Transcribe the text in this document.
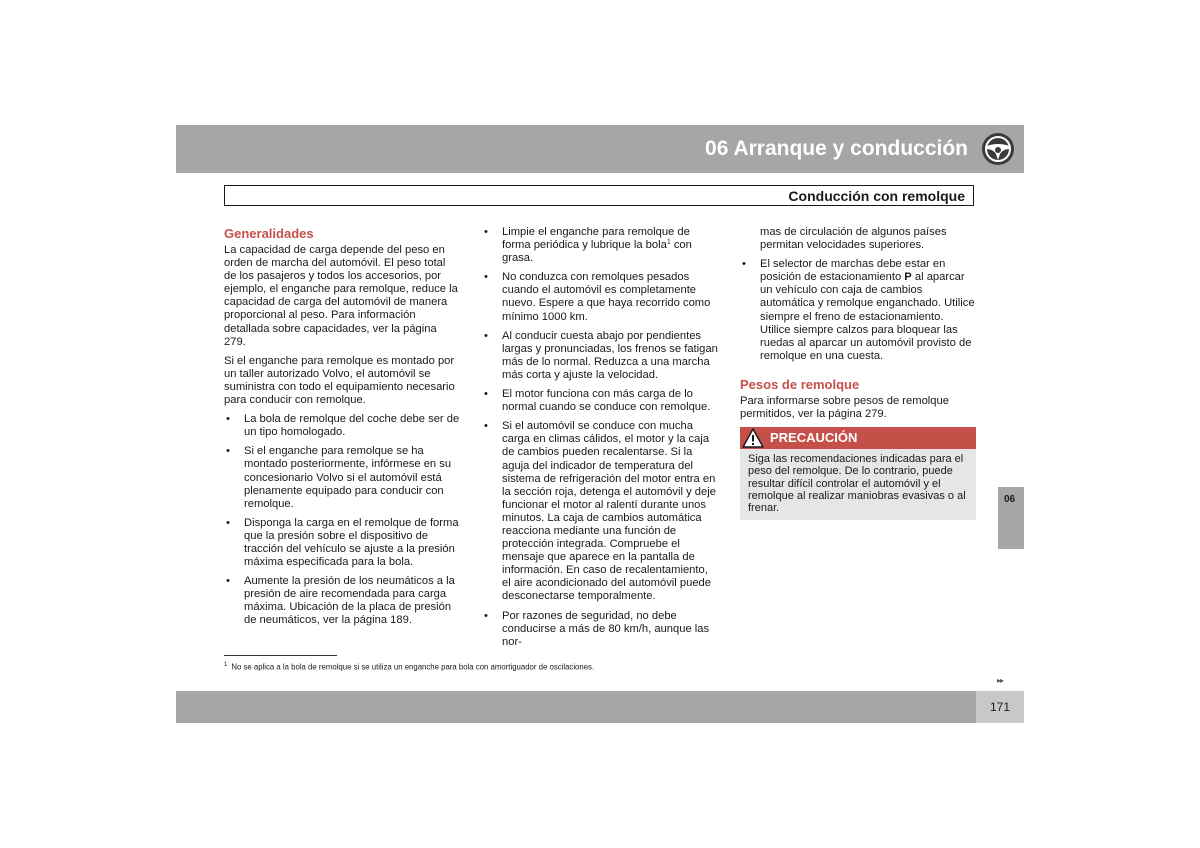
06 Arranque y conducción
Conducción con remolque
Generalidades
La capacidad de carga depende del peso en orden de marcha del automóvil. El peso total de los pasajeros y todos los accesorios, por ejemplo, el enganche para remolque, reduce la capacidad de carga del automóvil de manera proporcional al peso. Para información detallada sobre capacidades, ver la página 279.
Si el enganche para remolque es montado por un taller autorizado Volvo, el automóvil se suministra con todo el equipamiento necesario para conducir con remolque.
• La bola de remolque del coche debe ser de un tipo homologado.
• Si el enganche para remolque se ha montado posteriormente, infórmese en su concesionario Volvo si el automóvil está plenamente equipado para conducir con remolque.
• Disponga la carga en el remolque de forma que la presión sobre el dispositivo de tracción del vehículo se ajuste a la presión máxima especificada para la bola.
• Aumente la presión de los neumáticos a la presión de aire recomendada para carga máxima. Ubicación de la placa de presión de neumáticos, ver la página 189.
• Limpie el enganche para remolque de forma periódica y lubrique la bola$^1$ con grasa.
• No conduzca con remolques pesados cuando el automóvil es completamente nuevo. Espere a que haya recorrido como mínimo 1000 km.
• Al conducir cuesta abajo por pendientes largas y pronunciadas, los frenos se fatigan más de lo normal. Reduzca a una marcha más corta y ajuste la velocidad.
• El motor funciona con más carga de lo normal cuando se conduce con remolque.
• Si el automóvil se conduce con mucha carga en climas cálidos, el motor y la caja de cambios pueden recalentarse. Si la aguja del indicador de temperatura del sistema de refrigeración del motor entra en la sección roja, detenga el automóvil y deje funcionar el motor al ralentí durante unos minutos. La caja de cambios automática reacciona mediante una función de protección integrada. Compruebe el mensaje que aparece en la pantalla de información. En caso de recalentamiento, el aire acondicionado del automóvil puede desconectarse temporalmente.
• Por razones de seguridad, no debe conducirse a más de 80 km/h, aunque las nor-
mas de circulación de algunos países permitan velocidades superiores.
• El selector de marchas debe estar en posición de estacionamiento P al aparcar un vehículo con caja de cambios automática y remolque enganchado. Utilice siempre el freno de estacionamiento. Utilice siempre calzos para bloquear las ruedas al aparcar un automóvil provisto de remolque en una cuesta.
Pesos de remolque
Para informarse sobre pesos de remolque permitidos, ver la página 279.
PRECAUCIÓN
Siga las recomendaciones indicadas para el peso del remolque. De lo contrario, puede resultar difícil controlar el automóvil y el remolque al realizar maniobras evasivas o al frenar.
06
$^1$ No se aplica a la bola de remolque si se utiliza un enganche para bola con amortiguador de oscilaciones.
▸▸
171
